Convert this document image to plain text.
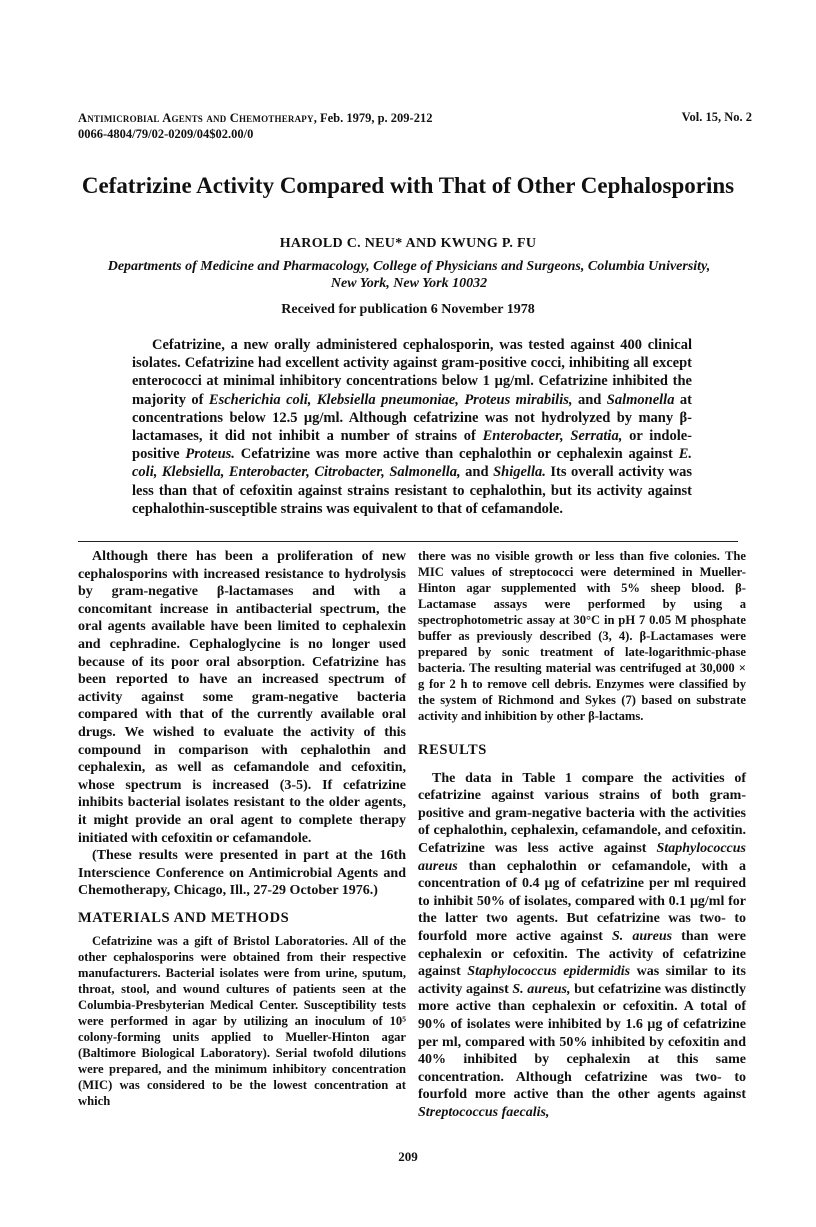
Antimicrobial Agents and Chemotherapy, Feb. 1979, p. 209-212
0066-4804/79/02-0209/04$02.00/0
Vol. 15, No. 2
Cefatrizine Activity Compared with That of Other Cephalosporins
HAROLD C. NEU* AND KWUNG P. FU
Departments of Medicine and Pharmacology, College of Physicians and Surgeons, Columbia University,
New York, New York 10032
Received for publication 6 November 1978

Cefatrizine, a new orally administered cephalosporin, was tested against 400 clinical isolates. Cefatrizine had excellent activity against gram-positive cocci, inhibiting all except enterococci at minimal inhibitory concentrations below 1 μg/ml. Cefatrizine inhibited the majority of Escherichia coli, Klebsiella pneumoniae, Proteus mirabilis, and Salmonella at concentrations below 12.5 μg/ml. Although cefatrizine was not hydrolyzed by many β-lactamases, it did not inhibit a number of strains of Enterobacter, Serratia, or indole-positive Proteus. Cefatrizine was more active than cephalothin or cephalexin against E. coli, Klebsiella, Enterobacter, Citrobacter, Salmonella, and Shigella. Its overall activity was less than that of cefoxitin against strains resistant to cephalothin, but its activity against cephalothin-susceptible strains was equivalent to that of cefamandole.

Although there has been a proliferation of new cephalosporins with increased resistance to hydrolysis by gram-negative β-lactamases and with a concomitant increase in antibacterial spectrum, the oral agents available have been limited to cephalexin and cephradine. Cephaloglycine is no longer used because of its poor oral absorption. Cefatrizine has been reported to have an increased spectrum of activity against some gram-negative bacteria compared with that of the currently available oral drugs. We wished to evaluate the activity of this compound in comparison with cephalothin and cephalexin, as well as cefamandole and cefoxitin, whose spectrum is increased (3-5). If cefatrizine inhibits bacterial isolates resistant to the older agents, it might provide an oral agent to complete therapy initiated with cefoxitin or cefamandole.

(These results were presented in part at the 16th Interscience Conference on Antimicrobial Agents and Chemotherapy, Chicago, Ill., 27-29 October 1976.)

MATERIALS AND METHODS

Cefatrizine was a gift of Bristol Laboratories. All of the other cephalosporins were obtained from their respective manufacturers. Bacterial isolates were from urine, sputum, throat, stool, and wound cultures of patients seen at the Columbia-Presbyterian Medical Center. Susceptibility tests were performed in agar by utilizing an inoculum of 10⁵ colony-forming units applied to Mueller-Hinton agar (Baltimore Biological Laboratory). Serial twofold dilutions were prepared, and the minimum inhibitory concentration (MIC) was considered to be the lowest concentration at which

there was no visible growth or less than five colonies. The MIC values of streptococci were determined in Mueller-Hinton agar supplemented with 5% sheep blood. β-Lactamase assays were performed by using a spectrophotometric assay at 30°C in pH 7 0.05 M phosphate buffer as previously described (3, 4). β-Lactamases were prepared by sonic treatment of late-logarithmic-phase bacteria. The resulting material was centrifuged at 30,000 × g for 2 h to remove cell debris. Enzymes were classified by the system of Richmond and Sykes (7) based on substrate activity and inhibition by other β-lactams.

RESULTS

The data in Table 1 compare the activities of cefatrizine against various strains of both gram-positive and gram-negative bacteria with the activities of cephalothin, cephalexin, cefamandole, and cefoxitin. Cefatrizine was less active against Staphylococcus aureus than cephalothin or cefamandole, with a concentration of 0.4 μg of cefatrizine per ml required to inhibit 50% of isolates, compared with 0.1 μg/ml for the latter two agents. But cefatrizine was two- to fourfold more active against S. aureus than were cephalexin or cefoxitin. The activity of cefatrizine against Staphylococcus epidermidis was similar to its activity against S. aureus, but cefatrizine was distinctly more active than cephalexin or cefoxitin. A total of 90% of isolates were inhibited by 1.6 μg of cefatrizine per ml, compared with 50% inhibited by cefoxitin and 40% inhibited by cephalexin at this same concentration. Although cefatrizine was two- to fourfold more active than the other agents against Streptococcus faecalis,

209
